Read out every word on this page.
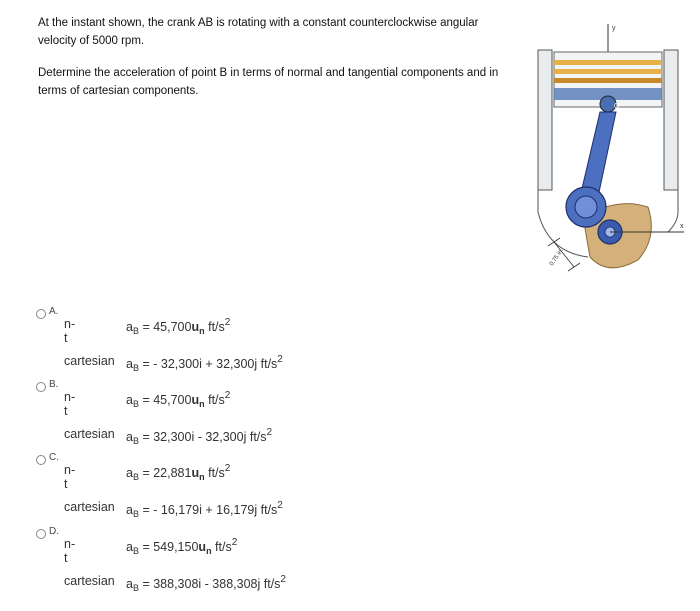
At the instant shown, the crank AB is rotating with a constant counterclockwise angular velocity of 5000 rpm.

Determine the acceleration of point B in terms of normal and tangential components and in terms of cartesian components.

y
C
x
0.75 in.
A.
n-t
$a_B = 45,700u_n$ $ft/s^2$
cartesian $a_B$ = - 32,300i + 32,300j $ft/s^2$
B.
n-t
$a_B = 45,700u_n$ $ft/s^2$
cartesian $a_B = 32,300i - 32,300j$ $ft/s^2$
C.
n-t
$a_B = 22,881u_n$ $ft/s^2$
cartesian $a_B$ = - 16,179i + 16,179j $ft/s^2$
D.
n-t
$a_B = 549,150u_n$ $ft/s^2$
cartesian $a_B = 388,308i - 388,308j$ $ft/s^2$
